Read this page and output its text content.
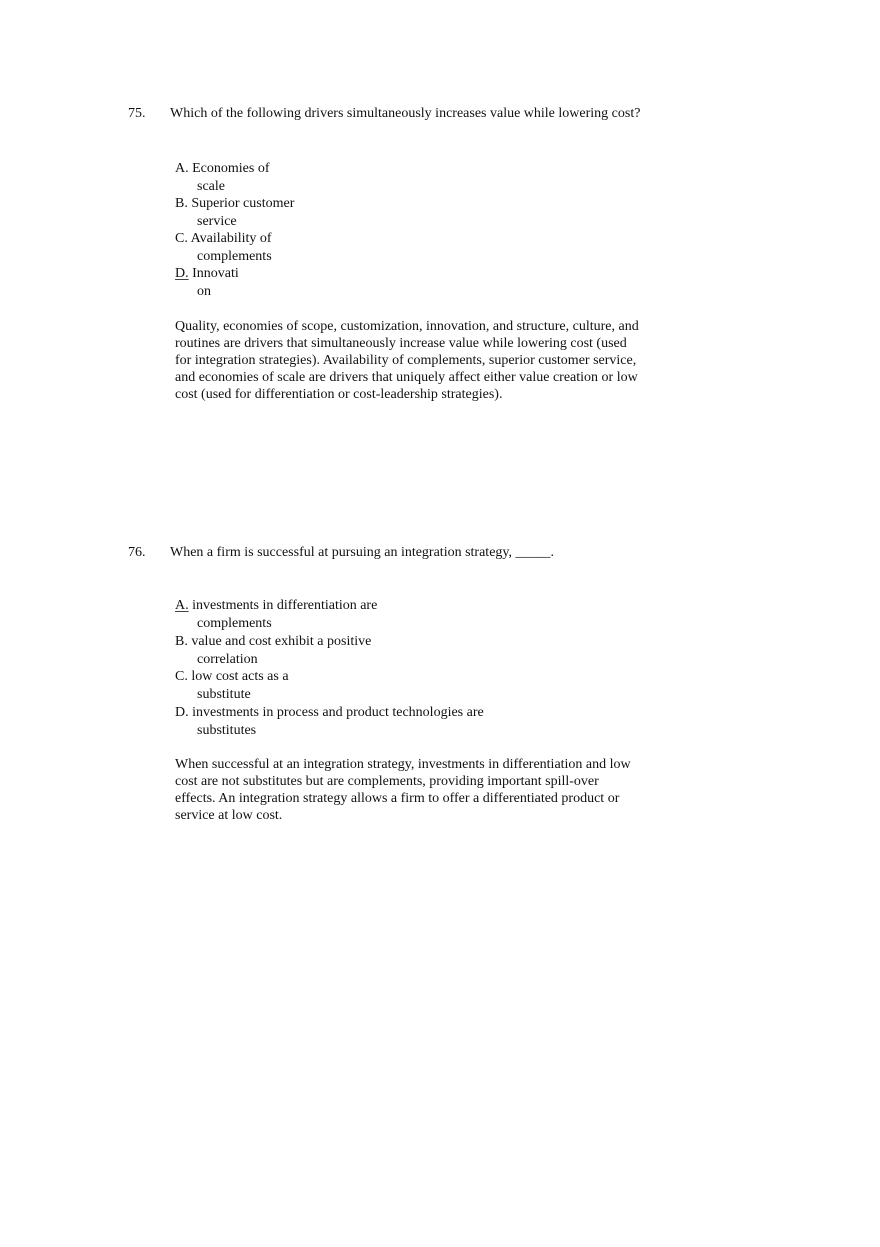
75. Which of the following drivers simultaneously increases value while lowering cost?

A. Economies of
scale
B. Superior customer
service
C. Availability of
complements
D. Innovati
on
Quality, economies of scope, customization, innovation, and structure, culture, and
routines are drivers that simultaneously increase value while lowering cost (used
for integration strategies). Availability of complements, superior customer service,
and economies of scale are drivers that uniquely affect either value creation or low
cost (used for differentiation or cost-leadership strategies).

76. When a firm is successful at pursuing an integration strategy, _____.

A. investments in differentiation are
complements
B. value and cost exhibit a positive
correlation
C. low cost acts as a
substitute
D. investments in process and product technologies are
substitutes
When successful at an integration strategy, investments in differentiation and low
cost are not substitutes but are complements, providing important spill-over
effects. An integration strategy allows a firm to offer a differentiated product or
service at low cost.
